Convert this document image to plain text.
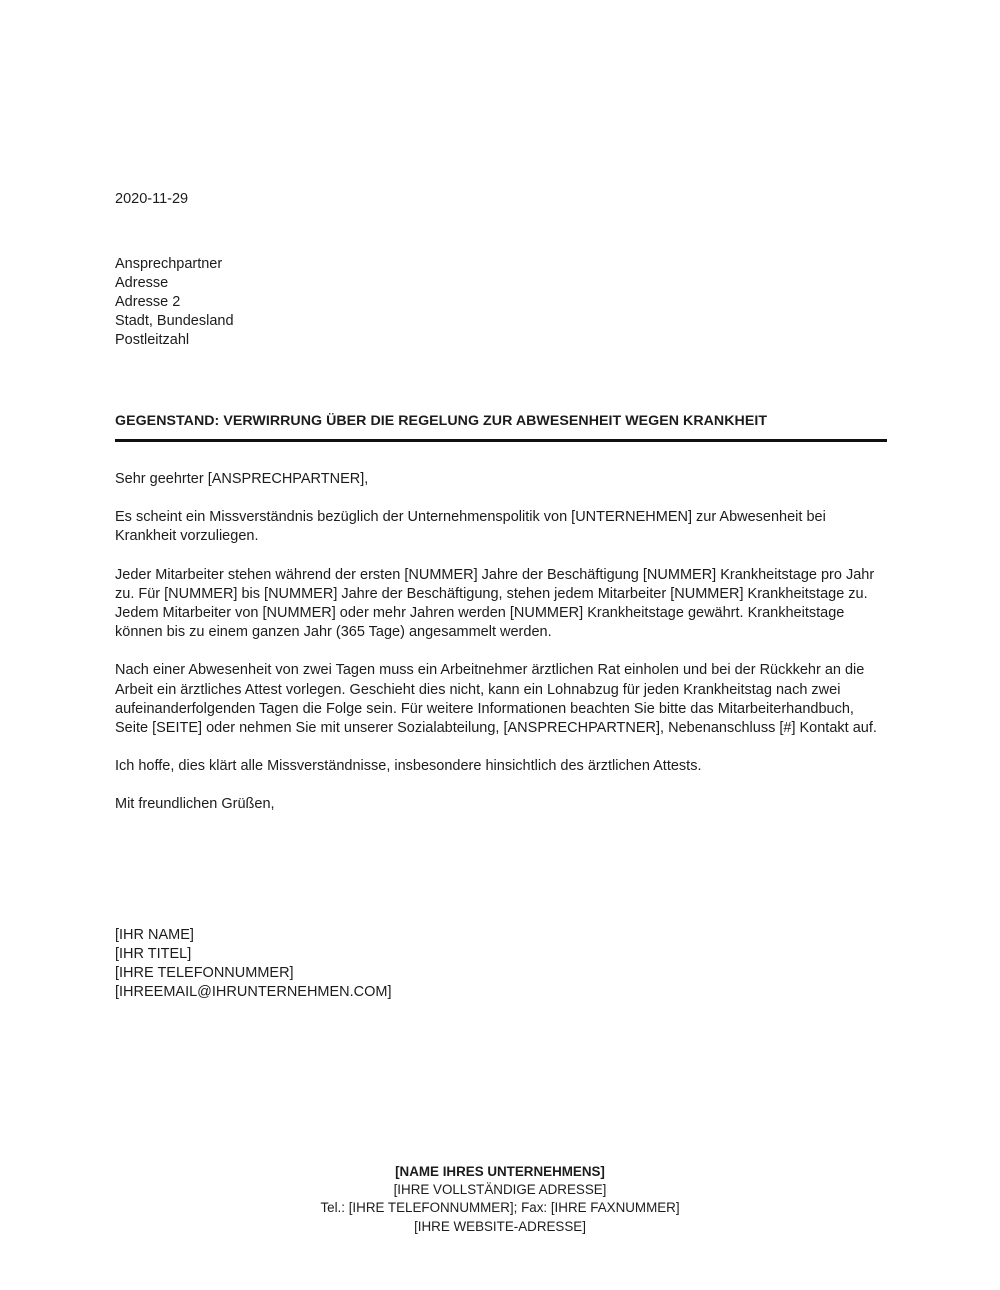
2020-11-29
Ansprechpartner
Adresse
Adresse 2
Stadt, Bundesland
Postleitzahl
GEGENSTAND: VERWIRRUNG ÜBER DIE REGELUNG ZUR ABWESENHEIT WEGEN KRANKHEIT

Sehr geehrter [ANSPRECHPARTNER],

Es scheint ein Missverständnis bezüglich der Unternehmenspolitik von [UNTERNEHMEN] zur Abwesenheit bei Krankheit vorzuliegen.

Jeder Mitarbeiter stehen während der ersten [NUMMER] Jahre der Beschäftigung [NUMMER] Krankheitstage pro Jahr zu. Für [NUMMER] bis [NUMMER] Jahre der Beschäftigung, stehen jedem Mitarbeiter [NUMMER] Krankheitstage zu. Jedem Mitarbeiter von [NUMMER] oder mehr Jahren werden [NUMMER] Krankheitstage gewährt. Krankheitstage können bis zu einem ganzen Jahr (365 Tage) angesammelt werden.

Nach einer Abwesenheit von zwei Tagen muss ein Arbeitnehmer ärztlichen Rat einholen und bei der Rückkehr an die Arbeit ein ärztliches Attest vorlegen. Geschieht dies nicht, kann ein Lohnabzug für jeden Krankheitstag nach zwei aufeinanderfolgenden Tagen die Folge sein. Für weitere Informationen beachten Sie bitte das Mitarbeiterhandbuch, Seite [SEITE] oder nehmen Sie mit unserer Sozialabteilung, [ANSPRECHPARTNER], Nebenanschluss [#] Kontakt auf.

Ich hoffe, dies klärt alle Missverständnisse, insbesondere hinsichtlich des ärztlichen Attests.

Mit freundlichen Grüßen,

[IHR NAME]
[IHR TITEL]
[IHRE TELEFONNUMMER]
[IHREEMAIL@IHRUNTERNEHMEN.COM]
[NAME IHRES UNTERNEHMENS]
[IHRE VOLLSTÄNDIGE ADRESSE]
Tel.: [IHRE TELEFONNUMMER]; Fax: [IHRE FAXNUMMER]
[IHRE WEBSITE-ADRESSE]
